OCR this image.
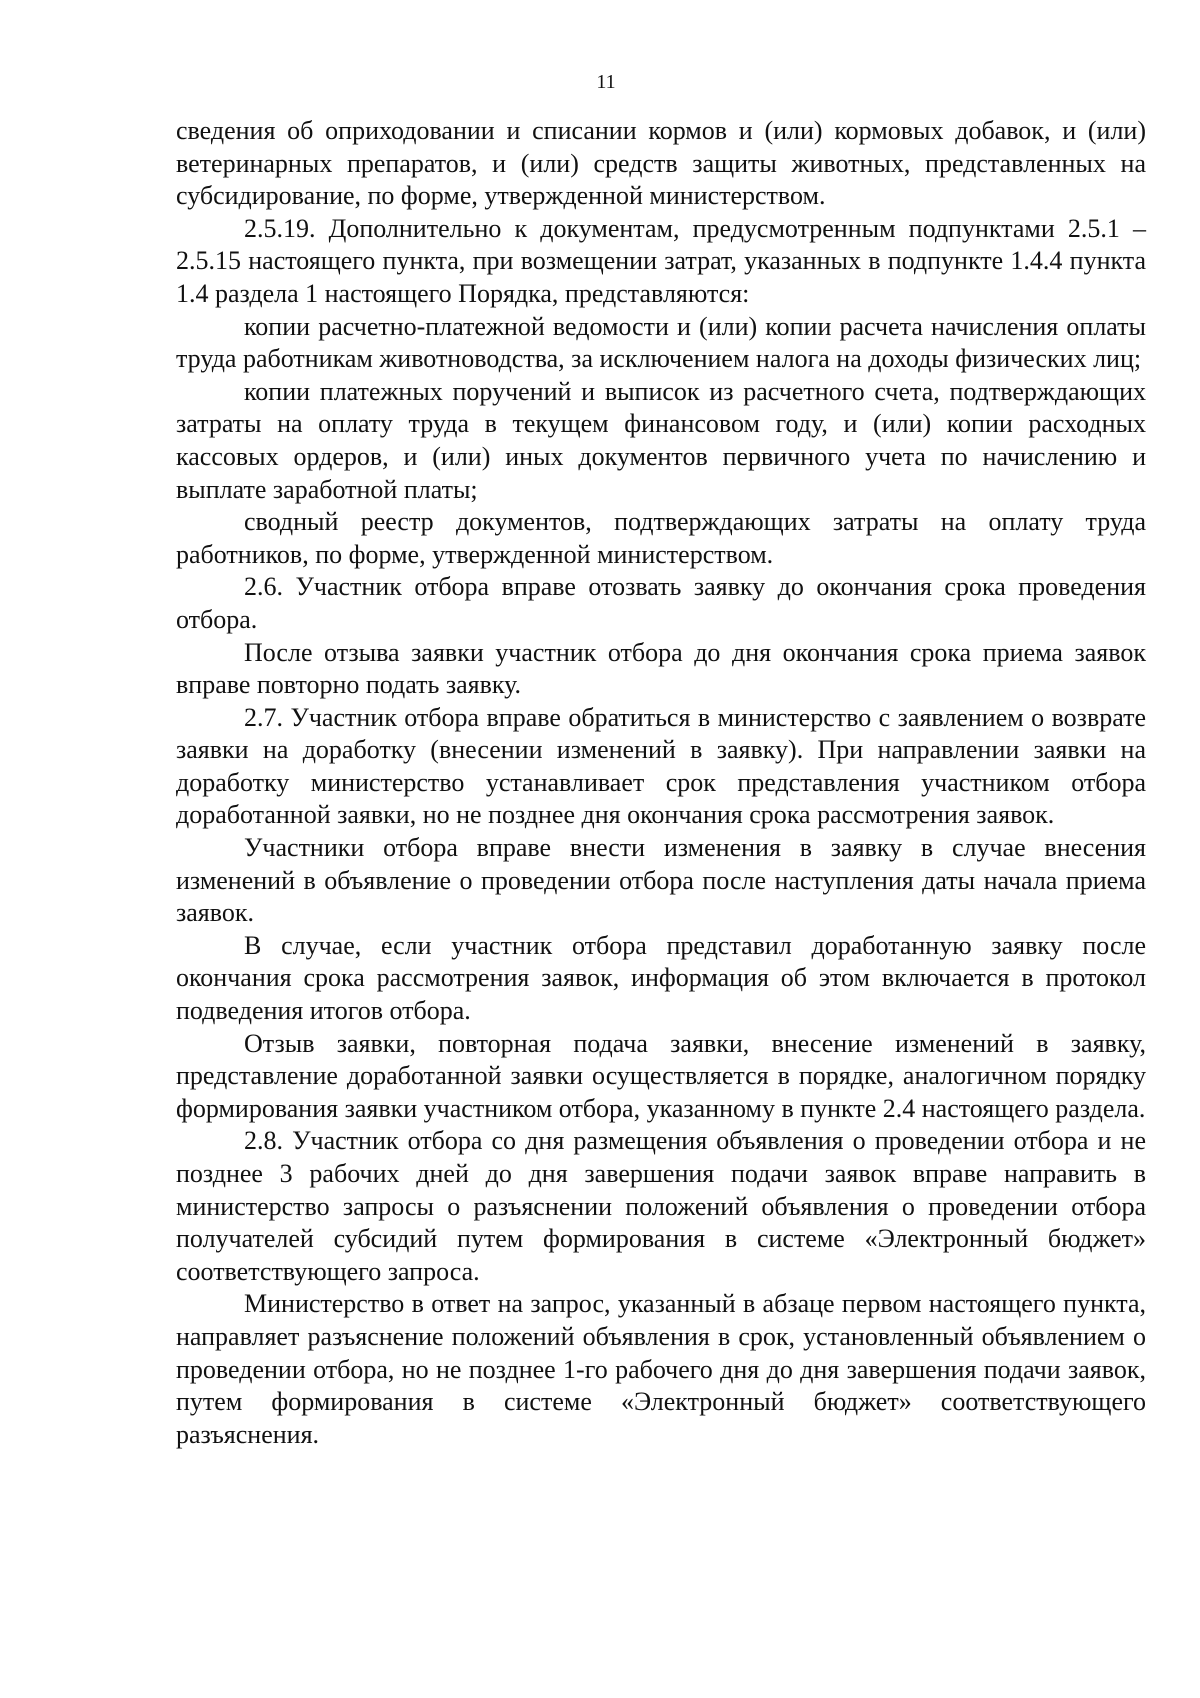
11

сведения об оприходовании и списании кормов и (или) кормовых добавок, и (или) ветеринарных препаратов, и (или) средств защиты животных, представленных на субсидирование, по форме, утвержденной министерством.

2.5.19. Дополнительно к документам, предусмотренным подпунктами 2.5.1 – 2.5.15 настоящего пункта, при возмещении затрат, указанных в подпункте 1.4.4 пункта 1.4 раздела 1 настоящего Порядка, представляются:

копии расчетно-платежной ведомости и (или) копии расчета начисления оплаты труда работникам животноводства, за исключением налога на доходы физических лиц;

копии платежных поручений и выписок из расчетного счета, подтверждающих затраты на оплату труда в текущем финансовом году, и (или) копии расходных кассовых ордеров, и (или) иных документов первичного учета по начислению и выплате заработной платы;

сводный реестр документов, подтверждающих затраты на оплату труда работников, по форме, утвержденной министерством.

2.6. Участник отбора вправе отозвать заявку до окончания срока проведения отбора.

После отзыва заявки участник отбора до дня окончания срока приема заявок вправе повторно подать заявку.

2.7. Участник отбора вправе обратиться в министерство с заявлением о возврате заявки на доработку (внесении изменений в заявку). При направлении заявки на доработку министерство устанавливает срок представления участником отбора доработанной заявки, но не позднее дня окончания срока рассмотрения заявок.

Участники отбора вправе внести изменения в заявку в случае внесения изменений в объявление о проведении отбора после наступления даты начала приема заявок.

В случае, если участник отбора представил доработанную заявку после окончания срока рассмотрения заявок, информация об этом включается в протокол подведения итогов отбора.

Отзыв заявки, повторная подача заявки, внесение изменений в заявку, представление доработанной заявки осуществляется в порядке, аналогичном порядку формирования заявки участником отбора, указанному в пункте 2.4 настоящего раздела.

2.8. Участник отбора со дня размещения объявления о проведении отбора и не позднее 3 рабочих дней до дня завершения подачи заявок вправе направить в министерство запросы о разъяснении положений объявления о проведении отбора получателей субсидий путем формирования в системе «Электронный бюджет» соответствующего запроса.

Министерство в ответ на запрос, указанный в абзаце первом настоящего пункта, направляет разъяснение положений объявления в срок, установленный объявлением о проведении отбора, но не позднее 1-го рабочего дня до дня завершения подачи заявок, путем формирования в системе «Электронный бюджет» соответствующего разъяснения.
